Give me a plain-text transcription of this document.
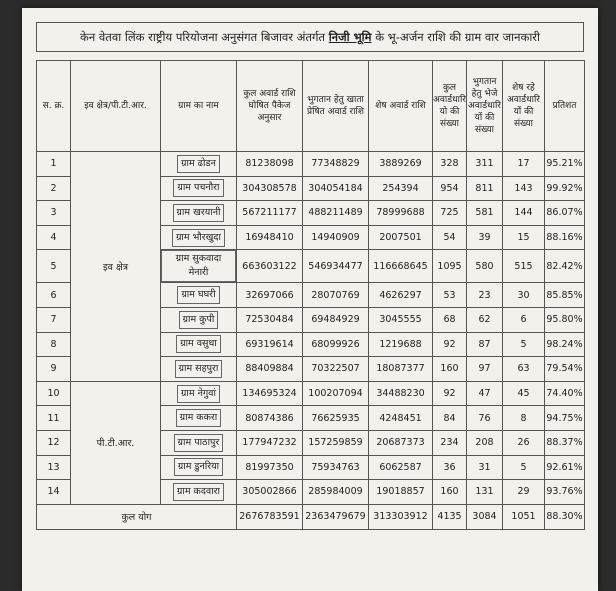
केन वेतवा लिंक राष्ट्रीय परियोजना अनुसंगत बिजावर अंतर्गत निजी भूमि के भू-अर्जन राशि की ग्राम वार जानकारी
स. क्र.	इव क्षेत्र/पी.टी.आर.	ग्राम का नाम	कुल अवार्ड राशि घोषित पैकेज अनुसार	भुगतान हेतु खाता प्रेषित अवार्ड राशि	शेष अवार्ड राशि	कुल अवार्डधारि यो की संख्या	भुगतान हेतु भेजे अवार्डधारि यों की संख्या	शेष रहे अवार्डधारि यों की संख्या	प्रतिशत
1	इव क्षेत्र	ग्राम ढोडन	81238098	77348829	3889269	328	311	17	95.21%
2		ग्राम पचनौरा	304308578	304054184	254394	954	811	143	99.92%
3		ग्राम खरयानी	567211177	488211489	78999688	725	581	144	86.07%
4		ग्राम भौरखुदा	16948410	14940909	2007501	54	39	15	88.16%
5		ग्राम सुकवादा मेनारी	663603122	546934477	116668645	1095	580	515	82.42%
6		ग्राम घघरी	32697066	28070769	4626297	53	23	30	85.85%
7		ग्राम कुपी	72530484	69484929	3045555	68	62	6	95.80%
8		ग्राम वसुधा	69319614	68099926	1219688	92	87	5	98.24%
9		ग्राम सहपुरा	88409884	70322507	18087377	160	97	63	79.54%
10	पी.टी.आर.	ग्राम नेगुवां	134695324	100207094	34488230	92	47	45	74.40%
11		ग्राम ककरा	80874386	76625935	4248451	84	76	8	94.75%
12		ग्राम पाठापुर	177947232	157259859	20687373	234	208	26	88.37%
13		ग्राम डुनरिया	81997350	75934763	6062587	36	31	5	92.61%
14		ग्राम कदवारा	305002866	285984009	19018857	160	131	29	93.76%
कुल योग			2676783591	2363479679	313303912	4135	3084	1051	88.30%
